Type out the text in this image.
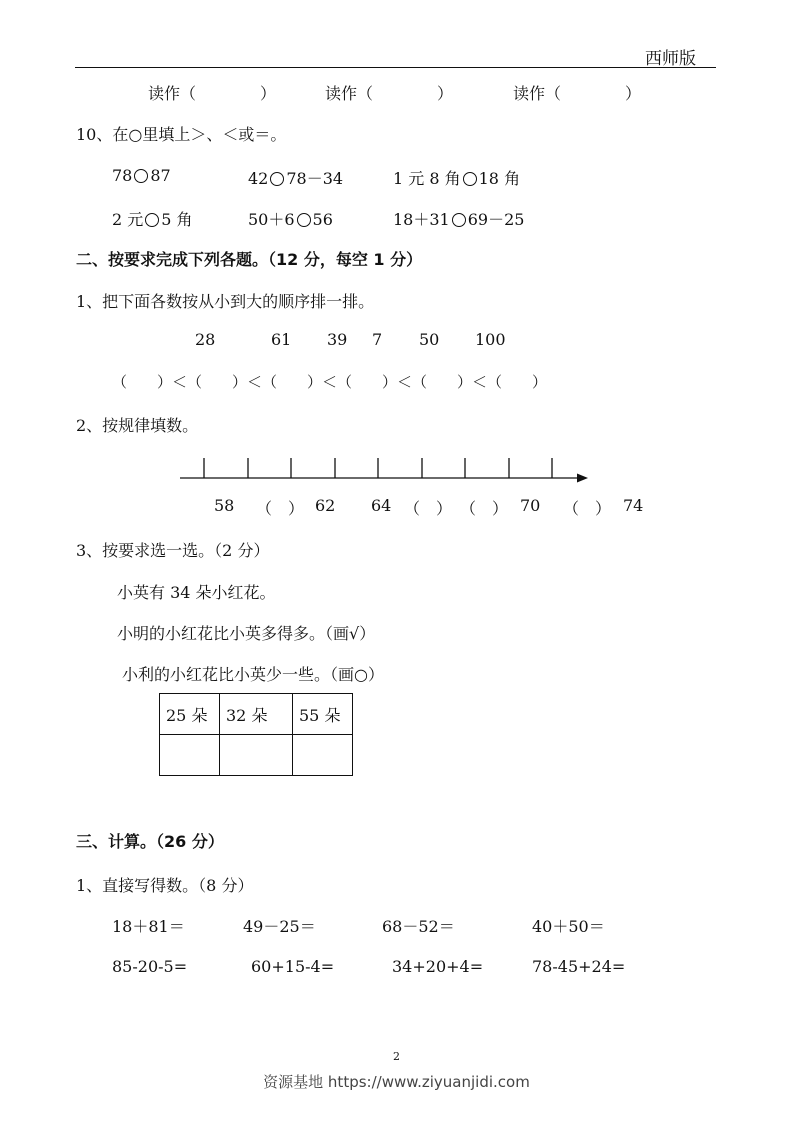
西师版
读作（　　　　）	读作（　　　　）	读作（　　　　）
10、在○里填上＞、＜或＝。
78 87	42 78－34	1 元 8 角 18 角
2 元 5 角	50＋6 56	18＋31 69－25
二、按要求完成下列各题。（12 分，每空 1 分）
1、把下面各数按从小到大的顺序排一排。
28	61 39 7 50 100
（　　）＜（　　）＜（　　）＜（　　）＜（　　）＜（　　）
2、按规律填数。
58 （　） 62 64 （　） （　） 70 （　） 74
3、按要求选一选。（2 分）
小英有 34 朵小红花。
小明的小红花比小英多得多。（画√）
小利的小红花比小英少一些。（画○）
25 朵	32 朵	55 朵

三、计算。（26 分）
1、直接写得数。（8 分）
18＋81＝	49－25＝	68－52＝	40＋50＝
85-20-5=	60+15-4=	34+20+4=	78-45+24=
2
资源基地 https://www.ziyuanjidi.com
